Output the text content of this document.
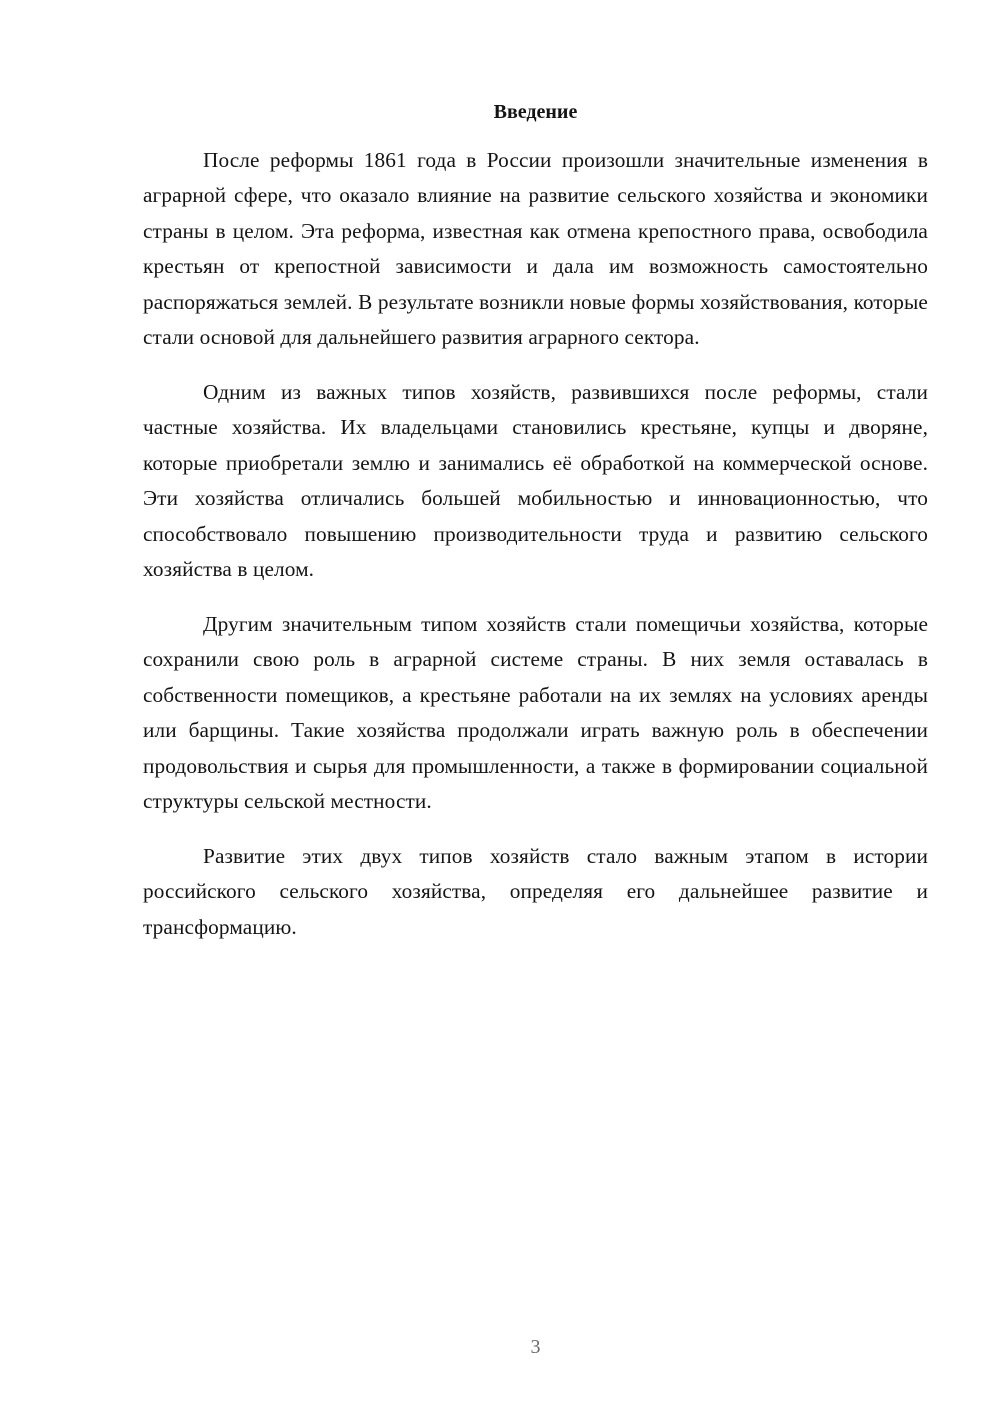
Введение

После реформы 1861 года в России произошли значительные изменения в аграрной сфере, что оказало влияние на развитие сельского хозяйства и экономики страны в целом. Эта реформа, известная как отмена крепостного права, освободила крестьян от крепостной зависимости и дала им возможность самостоятельно распоряжаться землей. В результате возникли новые формы хозяйствования, которые стали основой для дальнейшего развития аграрного сектора.

Одним из важных типов хозяйств, развившихся после реформы, стали частные хозяйства. Их владельцами становились крестьяне, купцы и дворяне, которые приобретали землю и занимались её обработкой на коммерческой основе. Эти хозяйства отличались большей мобильностью и инновационностью, что способствовало повышению производительности труда и развитию сельского хозяйства в целом.

Другим значительным типом хозяйств стали помещичьи хозяйства, которые сохранили свою роль в аграрной системе страны. В них земля оставалась в собственности помещиков, а крестьяне работали на их землях на условиях аренды или барщины. Такие хозяйства продолжали играть важную роль в обеспечении продовольствия и сырья для промышленности, а также в формировании социальной структуры сельской местности.

Развитие этих двух типов хозяйств стало важным этапом в истории российского сельского хозяйства, определяя его дальнейшее развитие и трансформацию.

3
